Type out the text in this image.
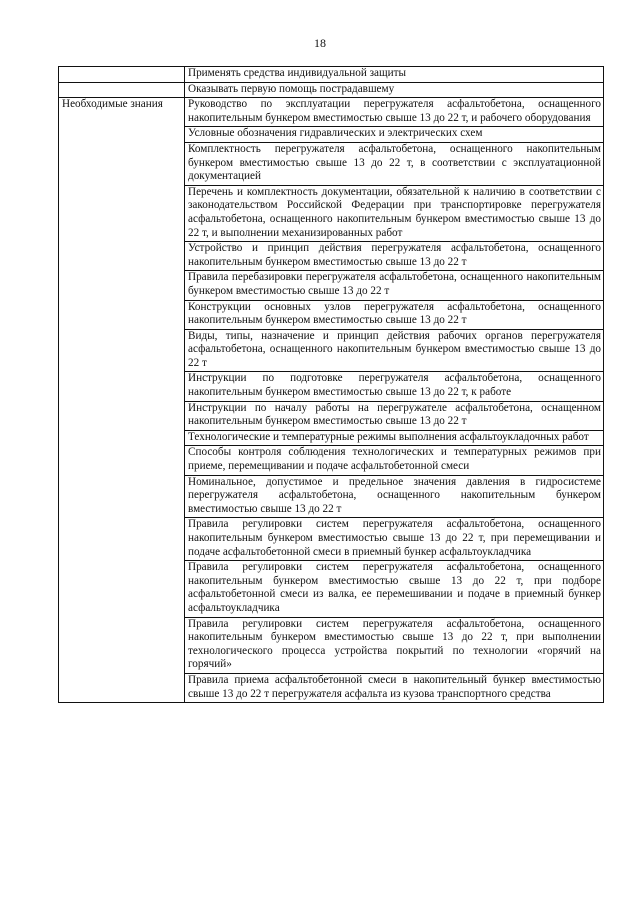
18
	Применять средства индивидуальной защиты
	Оказывать первую помощь пострадавшему
Необходимые знания	Руководство по эксплуатации перегружателя асфальтобетона, оснащенного накопительным бункером вместимостью свыше 13 до 22 т, и рабочего оборудования
	Условные обозначения гидравлических и электрических схем
	Комплектность перегружателя асфальтобетона, оснащенного накопительным бункером вместимостью свыше 13 до 22 т, в соответствии с эксплуатационной документацией
	Перечень и комплектность документации, обязательной к наличию в соответствии с законодательством Российской Федерации при транспортировке перегружателя асфальтобетона, оснащенного накопительным бункером вместимостью свыше 13 до 22 т, и выполнении механизированных работ
	Устройство и принцип действия перегружателя асфальтобетона, оснащенного накопительным бункером вместимостью свыше 13 до 22 т
	Правила перебазировки перегружателя асфальтобетона, оснащенного накопительным бункером вместимостью свыше 13 до 22 т
	Конструкции основных узлов перегружателя асфальтобетона, оснащенного накопительным бункером вместимостью свыше 13 до 22 т
	Виды, типы, назначение и принцип действия рабочих органов перегружателя асфальтобетона, оснащенного накопительным бункером вместимостью свыше 13 до 22 т
	Инструкции по подготовке перегружателя асфальтобетона, оснащенного накопительным бункером вместимостью свыше 13 до 22 т, к работе
	Инструкции по началу работы на перегружателе асфальтобетона, оснащенном накопительным бункером вместимостью свыше 13 до 22 т
	Технологические и температурные режимы выполнения асфальтоукладочных работ
	Способы контроля соблюдения технологических и температурных режимов при приеме, перемещивании и подаче асфальтобетонной смеси
	Номинальное, допустимое и предельное значения давления в гидросистеме перегружателя асфальтобетона, оснащенного накопительным бункером вместимостью свыше 13 до 22 т
	Правила регулировки систем перегружателя асфальтобетона, оснащенного накопительным бункером вместимостью свыше 13 до 22 т, при перемещивании и подаче асфальтобетонной смеси в приемный бункер асфальтоукладчика
	Правила регулировки систем перегружателя асфальтобетона, оснащенного накопительным бункером вместимостью свыше 13 до 22 т, при подборе асфальтобетонной смеси из валка, ее перемешивании и подаче в приемный бункер асфальтоукладчика
	Правила регулировки систем перегружателя асфальтобетона, оснащенного накопительным бункером вместимостью свыше 13 до 22 т, при выполнении технологического процесса устройства покрытий по технологии «горячий на горячий»
	Правила приема асфальтобетонной смеси в накопительный бункер вместимостью свыше 13 до 22 т перегружателя асфальта из кузова транспортного средства
